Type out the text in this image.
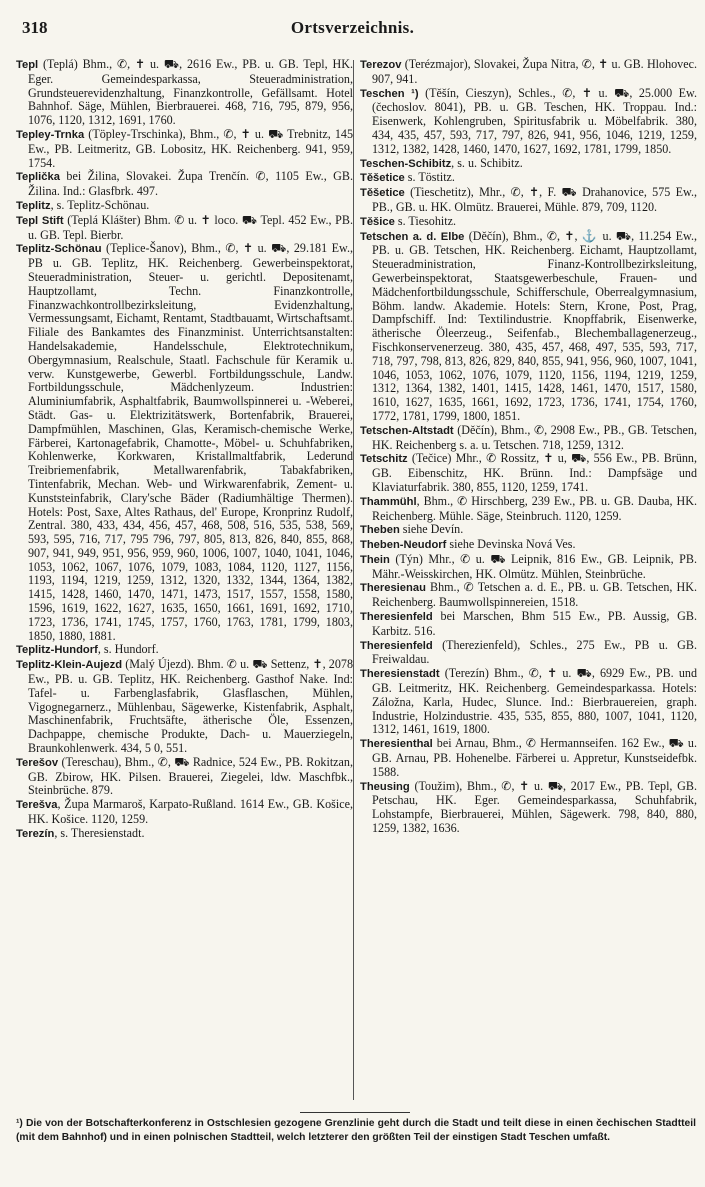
318	Ortsverzeichnis.
Tepl (Teplá) Bhm., ✆, ✝ u. ⛟, 2616 Ew., PB. u. GB. Tepl, HK. Eger. Gemeindesparkassa, Steueradministration, Grundsteuerevidenzhaltung, Finanzkontrolle, Gefällsamt. Hotel Bahnhof. Säge, Mühlen, Bierbrauerei. 468, 716, 795, 879, 956, 1076, 1120, 1312, 1691, 1760.
Tepley-Trnka (Töpley-Trschinka), Bhm., ✆, ✝ u. ⛟ Trebnitz, 145 Ew., PB. Leitmeritz, GB. Lobositz, HK. Reichenberg. 941, 959, 1754.
Teplička bei Žilina, Slovakei. Župa Trenčín. ✆, 1105 Ew., GB. Žilina. Ind.: Glasfbrk. 497.
Teplitz, s. Teplitz-Schönau.
Tepl Stift (Teplá Klášter) Bhm. ✆ u. ✝ loco. ⛟ Tepl. 452 Ew., PB. u. GB. Tepl. Bierbr.
Teplitz-Schönau (Teplice-Šanov), Bhm., ✆, ✝ u. ⛟, 29.181 Ew., PB u. GB. Teplitz, HK. Reichenberg. Gewerbeinspektorat, Steueradministration, Steuer- u. gerichtl. Depositenamt, Hauptzollamt, Techn. Finanzkontrolle, Finanzwachkontrollbezirksleitung, Evidenzhaltung, Vermessungsamt, Eichamt, Rentamt, Stadtbauamt, Wirtschaftsamt. Filiale des Bankamtes des Finanzminist. Unterrichtsanstalten: Handelsakademie, Handelsschule, Elektrotechnikum, Obergymnasium, Realschule, Staatl. Fachschule für Keramik u. verw. Kunstgewerbe, Gewerbl. Fortbildungsschule, Landw. Fortbildungsschule, Mädchenlyzeum. Industrien: Aluminiumfabrik, Asphaltfabrik, Baumwollspinnerei u. -Weberei, Städt. Gas- u. Elektrizitätswerk, Bortenfabrik, Brauerei, Dampfmühlen, Maschinen, Glas, Keramisch-chemische Werke, Färberei, Kartonagefabrik, Chamotte-, Möbel- u. Schuhfabriken, Kohlenwerke, Korkwaren, Kristallmaltfabrik, Lederund Treibriemenfabrik, Metallwarenfabrik, Tabakfabriken, Tintenfabrik, Mechan. Web- und Wirkwarenfabrik, Zement- u. Kunststeinfabrik, Clary'sche Bäder (Radiumhältige Thermen). Hotels: Post, Saxe, Altes Rathaus, del' Europe, Kronprinz Rudolf, Zentral. 380, 433, 434, 456, 457, 468, 508, 516, 535, 538, 569, 593, 595, 716, 717, 795 796, 797, 805, 813, 826, 840, 855, 868, 907, 941, 949, 951, 956, 959, 960, 1006, 1007, 1040, 1041, 1046, 1053, 1062, 1067, 1076, 1079, 1083, 1084, 1120, 1127, 1156, 1193, 1194, 1219, 1259, 1312, 1320, 1332, 1344, 1364, 1382, 1415, 1428, 1460, 1470, 1471, 1473, 1517, 1557, 1558, 1580, 1596, 1619, 1622, 1627, 1635, 1650, 1661, 1691, 1692, 1710, 1723, 1736, 1741, 1745, 1757, 1760, 1763, 1781, 1799, 1803, 1850, 1880, 1881.
Teplitz-Hundorf, s. Hundorf.
Teplitz-Klein-Aujezd (Malý Újezd). Bhm. ✆ u. ⛟ Settenz, ✝, 2078 Ew., PB. u. GB. Teplitz, HK. Reichenberg. Gasthof Nake. Ind: Tafel- u. Farbenglasfabrik, Glasflaschen, Mühlen, Vigognegarnerz., Mühlenbau, Sägewerke, Kistenfabrik, Asphalt, Maschinenfabrik, Fruchtsäfte, ätherische Öle, Essenzen, Dachpappe, chemische Produkte, Dach- u. Mauerziegeln, Braunkohlenwerk. 434, 5 0, 551.
Terešov (Tereschau), Bhm., ✆, ⛟ Radnice, 524 Ew., PB. Rokitzan, GB. Zbirow, HK. Pilsen. Brauerei, Ziegelei, ldw. Maschfbk., Steinbrüche. 879.
Terešva, Župa Marmaroš, Karpato-Rußland. 1614 Ew., GB. Košice, HK. Košice. 1120, 1259.
Terezín, s. Theresienstadt.
Terezov (Terézmajor), Slovakei, Župa Nitra, ✆, ✝ u. GB. Hlohovec. 907, 941.
Teschen ¹) (Těšín, Cieszyn), Schles., ✆, ✝ u. ⛟, 25.000 Ew. (čechoslov. 8041), PB. u. GB. Teschen, HK. Troppau. Ind.: Eisenwerk, Kohlengruben, Spiritusfabrik u. Möbelfabrik. 380, 434, 435, 457, 593, 717, 797, 826, 941, 956, 1046, 1219, 1259, 1312, 1382, 1428, 1460, 1470, 1627, 1692, 1781, 1799, 1850.
Teschen-Schibitz, s. u. Schibitz.
Těšetice s. Töstitz.
Těšetice (Tieschetitz), Mhr., ✆, ✝, F. ⛟ Drahanovice, 575 Ew., PB., GB. u. HK. Olmütz. Brauerei, Mühle. 879, 709, 1120.
Těšice s. Tiesohitz.
Tetschen a. d. Elbe (Děčín), Bhm., ✆, ✝, ⚓ u. ⛟, 11.254 Ew., PB. u. GB. Tetschen, HK. Reichenberg. Eichamt, Hauptzollamt, Steueradministration, Finanz-Kontrollbezirksleitung, Gewerbeinspektorat, Staatsgewerbeschule, Frauen- und Mädchenfortbildungsschule, Schifferschule, Oberrealgymnasium, Böhm. landw. Akademie. Hotels: Stern, Krone, Post, Prag, Dampfschiff. Ind: Textilindustrie. Knopffabrik, Eisenwerke, ätherische Öleerzeug., Seifenfab., Blechemballagenerzeug., Fischkonservenerzeug. 380, 435, 457, 468, 497, 535, 593, 717, 718, 797, 798, 813, 826, 829, 840, 855, 941, 956, 960, 1007, 1041, 1046, 1053, 1062, 1076, 1079, 1120, 1156, 1194, 1219, 1259, 1312, 1364, 1382, 1401, 1415, 1428, 1461, 1470, 1517, 1580, 1610, 1627, 1635, 1661, 1692, 1723, 1736, 1741, 1754, 1760, 1772, 1781, 1799, 1800, 1851.
Tetschen-Altstadt (Děčín), Bhm., ✆, 2908 Ew., PB., GB. Tetschen, HK. Reichenberg s. a. u. Tetschen. 718, 1259, 1312.
Tetschitz (Tečice) Mhr., ✆ Rossitz, ✝ u, ⛟, 556 Ew., PB. Brünn, GB. Eibenschitz, HK. Brünn. Ind.: Dampfsäge und Klaviaturfabrik. 380, 855, 1120, 1259, 1741.
Thammühl, Bhm., ✆ Hirschberg, 239 Ew., PB. u. GB. Dauba, HK. Reichenberg. Mühle. Säge, Steinbruch. 1120, 1259.
Theben siehe Devín.
Theben-Neudorf siehe Devinska Nová Ves.
Thein (Týn) Mhr., ✆ u. ⛟ Leipnik, 816 Ew., GB. Leipnik, PB. Mähr.-Weisskirchen, HK. Olmütz. Mühlen, Steinbrüche.
Theresienau Bhm., ✆ Tetschen a. d. E., PB. u. GB. Tetschen, HK. Reichenberg. Baumwollspinnereien, 1518.
Theresienfeld bei Marschen, Bhm 515 Ew., PB. Aussig, GB. Karbitz. 516.
Theresienfeld (Therezienfeld), Schles., 275 Ew., PB u. GB. Freiwaldau.
Theresienstadt (Terezín) Bhm., ✆, ✝ u. ⛟, 6929 Ew., PB. und GB. Leitmeritz, HK. Reichenberg. Gemeindesparkassa. Hotels: Záložna, Karla, Hudec, Slunce. Ind.: Bierbrauereien, graph. Industrie, Holzindustrie. 435, 535, 855, 880, 1007, 1041, 1120, 1312, 1461, 1619, 1800.
Theresienthal bei Arnau, Bhm., ✆ Hermannseifen. 162 Ew., ⛟ u. GB. Arnau, PB. Hohenelbe. Färberei u. Appretur, Kunstseidefbk. 1588.
Theusing (Toužim), Bhm., ✆, ✝ u. ⛟, 2017 Ew., PB. Tepl, GB. Petschau, HK. Eger. Gemeindesparkassa, Schuhfabrik, Lohstampfe, Bierbrauerei, Mühlen, Sägewerk. 798, 840, 880, 1259, 1382, 1636.
¹) Die von der Botschafterkonferenz in Ostschlesien gezogene Grenzlinie geht durch die Stadt und teilt diese in einen čechischen Stadtteil (mit dem Bahnhof) und in einen polnischen Stadtteil, welch letzterer den größten Teil der einstigen Stadt Teschen umfaßt.
